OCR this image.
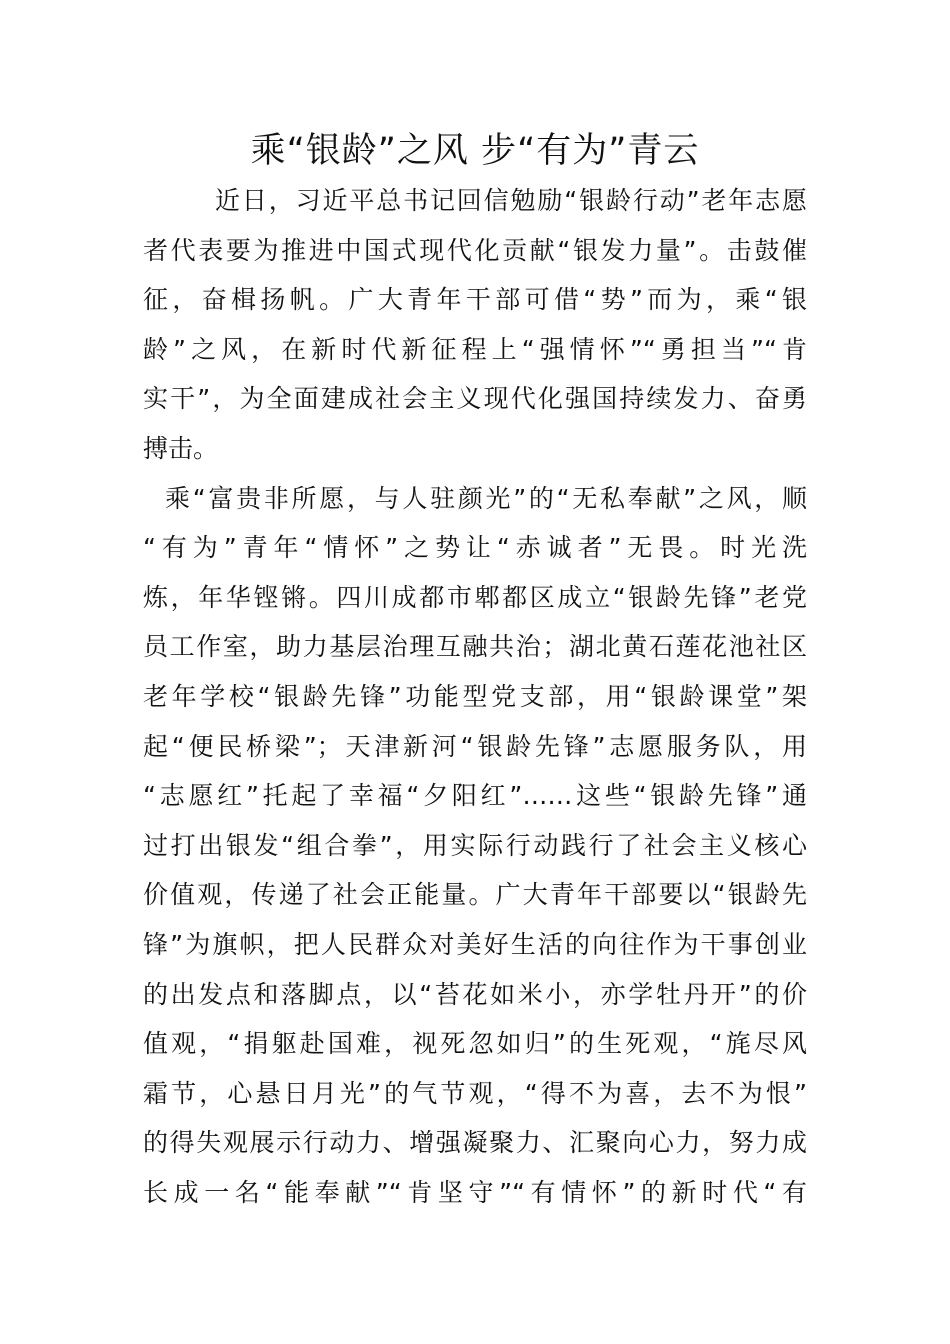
乘“银龄”之风 步“有为”青云
近日，习近平总书记回信勉励“银龄行动”老年志愿
者代表要为推进中国式现代化贡献“银发力量”。击鼓催
征，奋楫扬帆。广大青年干部可借“势”而为，乘“银
龄”之风，在新时代新征程上“强情怀”“勇担当”“肯
实干”，为全面建成社会主义现代化强国持续发力、奋勇
搏击。
乘“富贵非所愿，与人驻颜光”的“无私奉献”之风，顺
“有为”青年“情怀”之势让“赤诚者”无畏。时光洗
炼，年华铿锵。四川成都市郫都区成立“银龄先锋”老党
员工作室，助力基层治理互融共治；湖北黄石莲花池社区
老年学校“银龄先锋”功能型党支部，用“银龄课堂”架
起“便民桥梁”；天津新河“银龄先锋”志愿服务队，用
“志愿红”托起了幸福“夕阳红”……这些“银龄先锋”通
过打出银发“组合拳”，用实际行动践行了社会主义核心
价值观，传递了社会正能量。广大青年干部要以“银龄先
锋”为旗帜，把人民群众对美好生活的向往作为干事创业
的出发点和落脚点，以“苔花如米小，亦学牡丹开”的价
值观，“捐躯赴国难，视死忽如归”的生死观，“旄尽风
霜节，心悬日月光”的气节观，“得不为喜，去不为恨”
的得失观展示行动力、增强凝聚力、汇聚向心力，努力成
长成一名“能奉献”“肯坚守”“有情怀”的新时代“有
